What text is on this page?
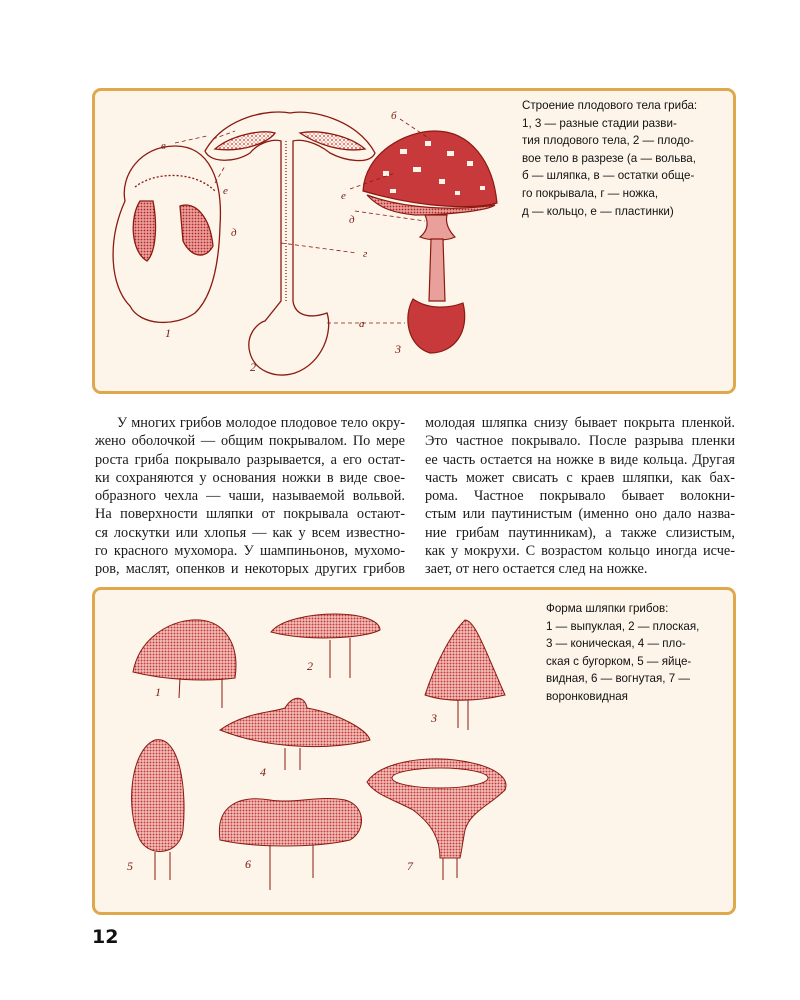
1
2
3
в
е
д
б
е
д
г
а
Строение плодового тела гриба:
1, 3 — разные стадии разви-
тия плодового тела, 2 — плодо-
вое тело в разрезе (а — вольва,
б — шляпка, в — остатки общe-
го покрывала, г — ножка,
д — кольцо, е — пластинки)
У многих грибов молодое плодовое тело окру-
жено оболочкой — общим покрывалом. По мере
роста гриба покрывало разрывается, а его остат-
ки сохраняются у основания ножки в виде свое-
образного чехла — чаши, называемой вольвой.
На поверхности шляпки от покрывала остают-
ся лоскутки или хлопья — как у всем известно-
го красного мухомора. У шампиньонов, мухомо-
ров, маслят, опенков и некоторых других грибов
молодая шляпка снизу бывает покрыта пленкой.
Это частное покрывало. После разрыва пленки
ее часть остается на ножке в виде кольца. Другая
часть может свисать с краев шляпки, как бах-
рома. Частное покрывало бывает волокни-
стым или паутинистым (именно оно дало назва-
ние грибам паутинникам), а также слизистым,
как у мокрухи. С возрастом кольцо иногда исче-
зает, от него остается след на ножке.
1
2
3
4
5	6	7
Форма шляпки грибов:
1 — выпуклая, 2 — плоская,
3 — коническая, 4 — пло-
ская с бугорком, 5 — яйце-
видная, 6 — вогнутая, 7 —
воронковидная
12
